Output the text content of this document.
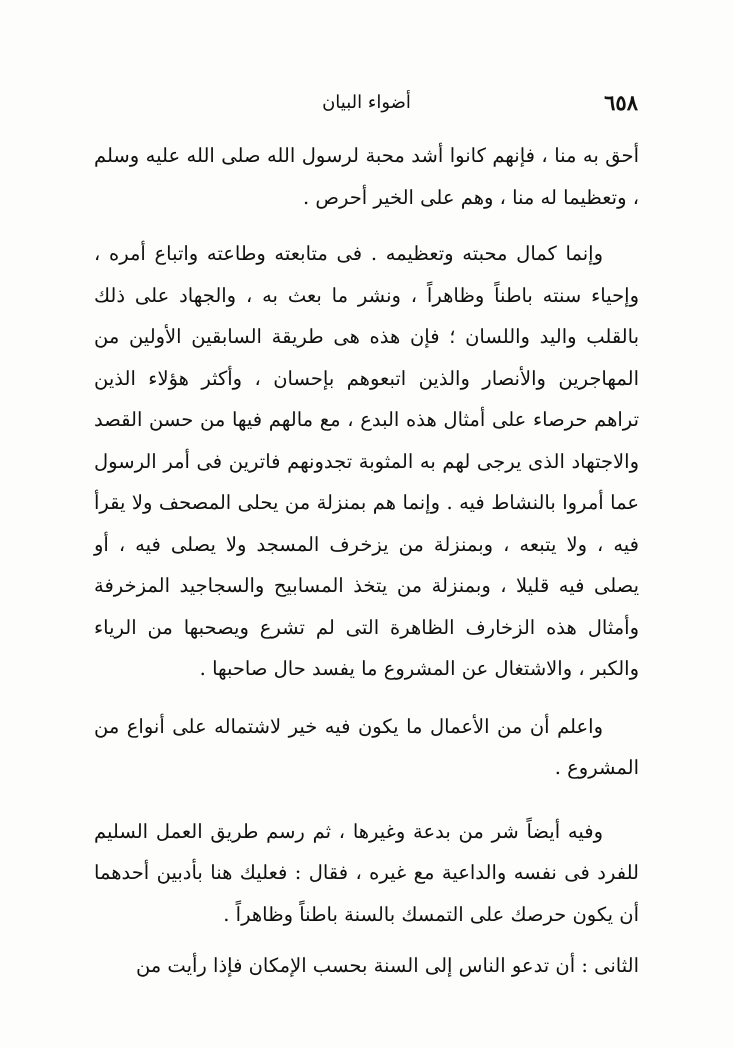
٦٥٨
أضواء البيان

أحق به منا ، فإنهم كانوا أشد محبة لرسول الله صلى الله عليه وسلم ، وتعظيما له منا ، وهم على الخير أحرص .

وإنما كمال محبته وتعظيمه . فى متابعته وطاعته واتباع أمره ، وإحياء سنته باطناً وظاهراً ، ونشر ما بعث به ، والجهاد على ذلك بالقلب واليد واللسان ؛ فإن هذه هى طريقة السابقين الأولين من المهاجرين والأنصار والذين اتبعوهم بإحسان ، وأكثر هؤلاء الذين تراهم حرصاء على أمثال هذه البدع ، مع مالهم فيها من حسن القصد والاجتهاد الذى يرجى لهم به المثوبة تجدونهم فاترين فى أمر الرسول عما أمروا بالنشاط فيه . وإنما هم بمنزلة من يحلى المصحف ولا يقرأ فيه ، ولا يتبعه ، وبمنزلة من يزخرف المسجد ولا يصلى فيه ، أو يصلى فيه قليلا ، وبمنزلة من يتخذ المسابيح والسجاجيد المزخرفة وأمثال هذه الزخارف الظاهرة التى لم تشرع ويصحبها من الرياء والكبر ، والاشتغال عن المشروع ما يفسد حال صاحبها .

واعلم أن من الأعمال ما يكون فيه خير لاشتماله على أنواع من المشروع .

وفيه أيضاً شر من بدعة وغيرها ، ثم رسم طريق العمل السليم للفرد فى نفسه والداعية مع غيره ، فقال : فعليك هنا بأدبين أحدهما أن يكون حرصك على التمسك بالسنة باطناً وظاهراً .

الثانى : أن تدعو الناس إلى السنة بحسب الإمكان فإذا رأيت من
